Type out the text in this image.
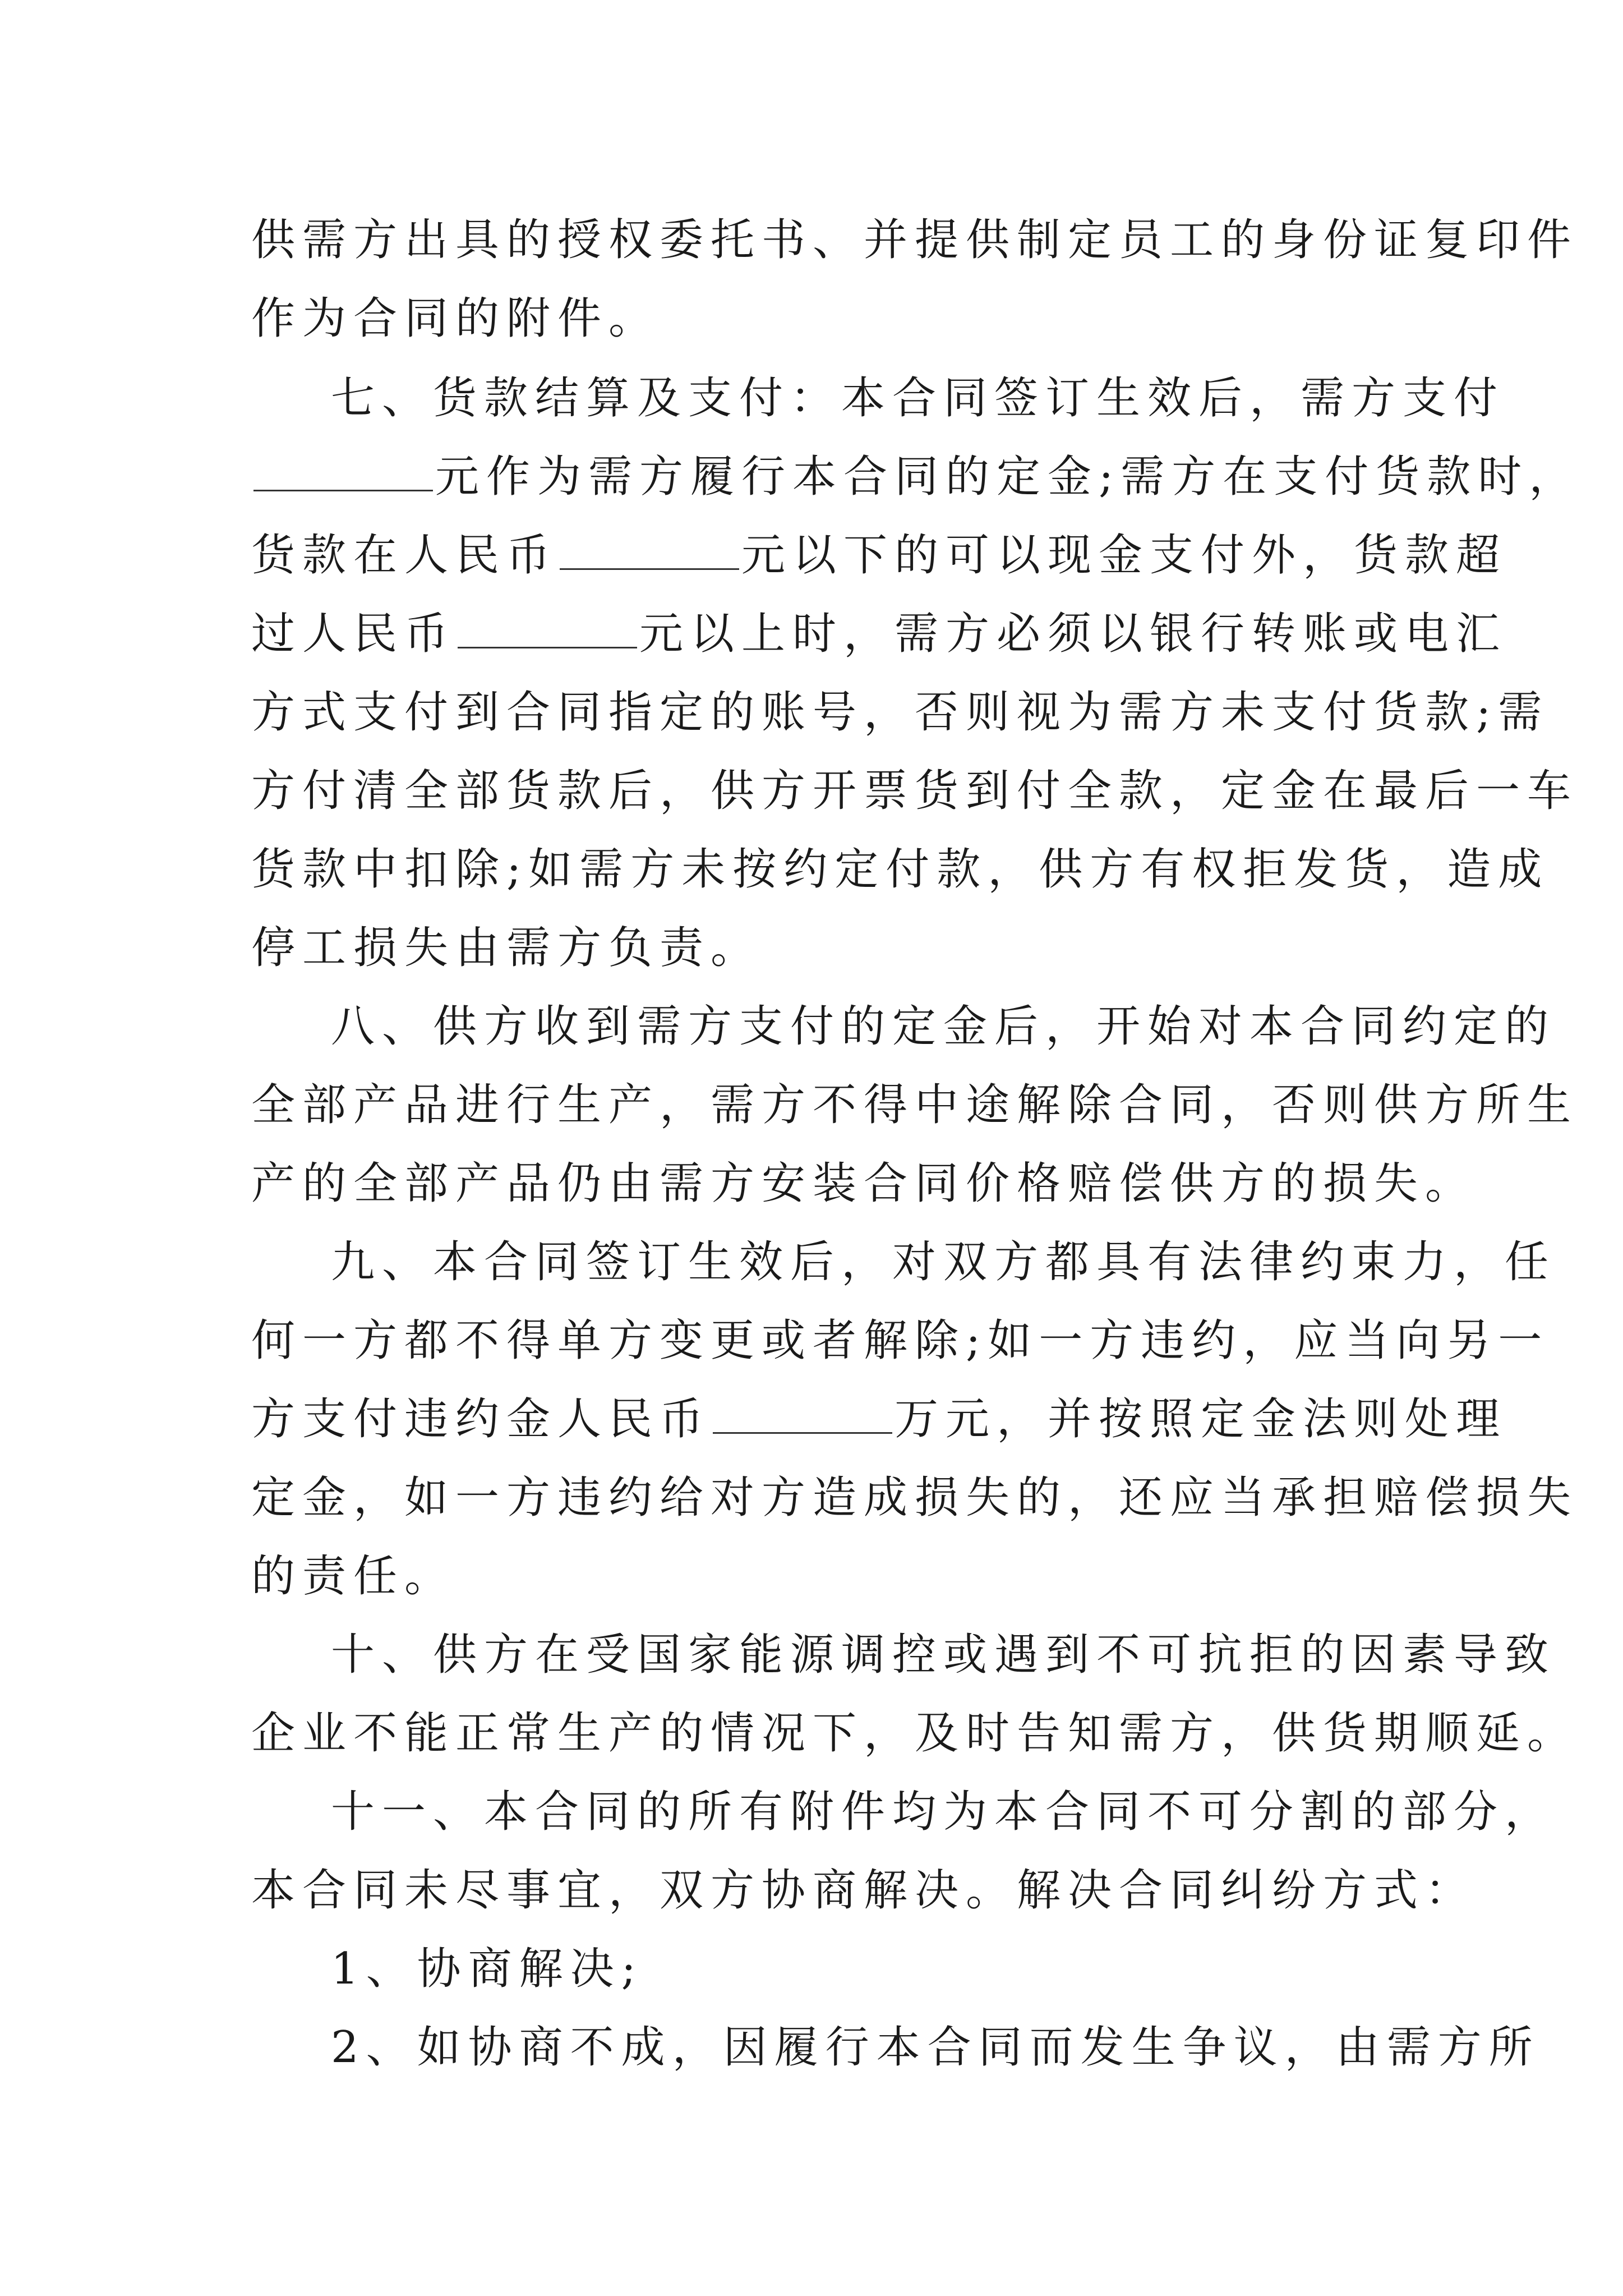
供需方出具的授权委托书、并提供制定员工的身份证复印件
作为合同的附件。
七、货款结算及支付：本合同签订生效后，需方支付
元作为需方履行本合同的定金;需方在支付货款时，
货款在人民币	元以下的可以现金支付外，货款超
过人民币	元以上时，需方必须以银行转账或电汇
方式支付到合同指定的账号，否则视为需方未支付货款;需
方付清全部货款后，供方开票货到付全款，定金在最后一车
货款中扣除;如需方未按约定付款，供方有权拒发货，造成
停工损失由需方负责。
八、供方收到需方支付的定金后，开始对本合同约定的
全部产品进行生产，需方不得中途解除合同，否则供方所生
产的全部产品仍由需方安装合同价格赔偿供方的损失。
九、本合同签订生效后，对双方都具有法律约束力，任
何一方都不得单方变更或者解除;如一方违约，应当向另一
方支付违约金人民币	万元，并按照定金法则处理
定金，如一方违约给对方造成损失的，还应当承担赔偿损失
的责任。
十、供方在受国家能源调控或遇到不可抗拒的因素导致
企业不能正常生产的情况下，及时告知需方，供货期顺延。
十一、本合同的所有附件均为本合同不可分割的部分，
本合同未尽事宜，双方协商解决。解决合同纠纷方式：
1、协商解决;
2、如协商不成，因履行本合同而发生争议，由需方所
